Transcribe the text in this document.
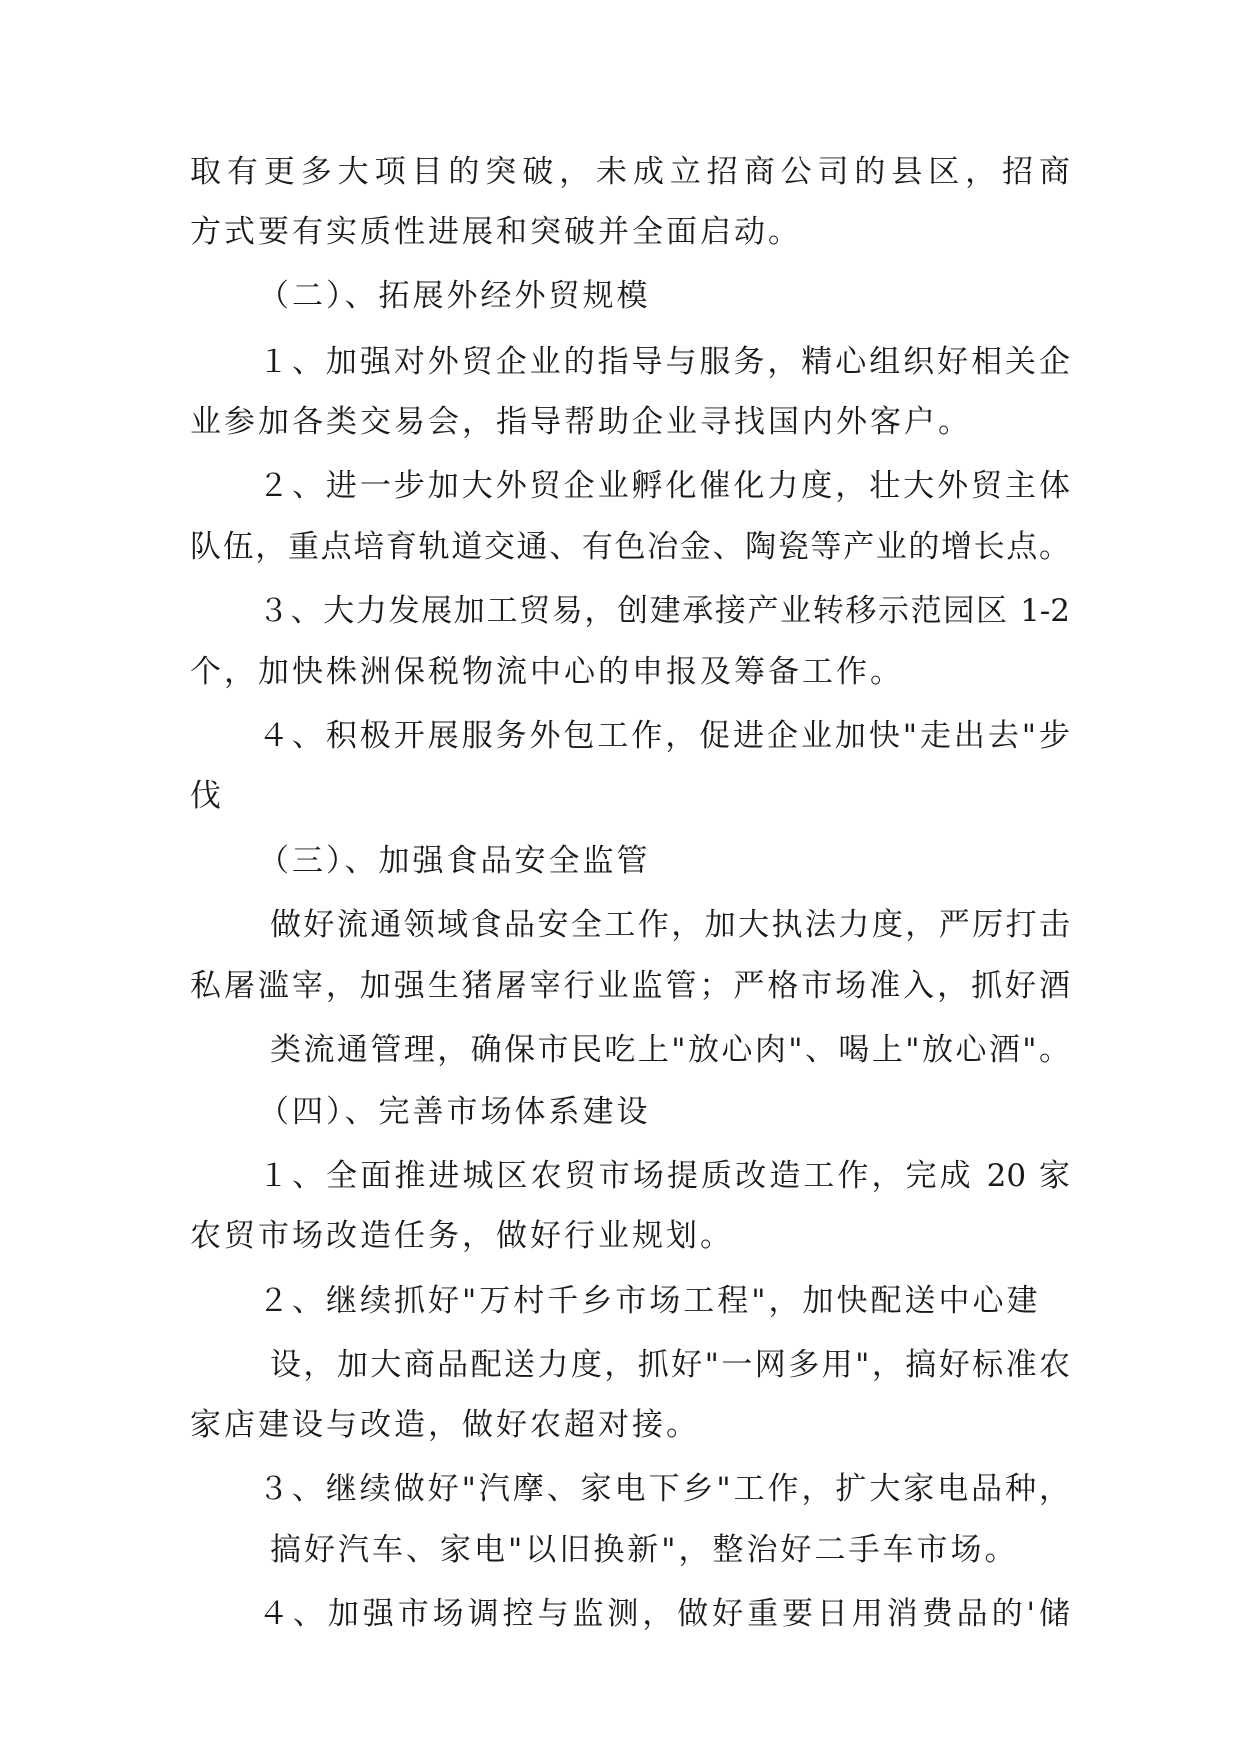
取有更多大项目的突破，未成立招商公司的县区，招商
方式要有实质性进展和突破并全面启动。
（二）、拓展外经外贸规模
１、加强对外贸企业的指导与服务，精心组织好相关企
业参加各类交易会，指导帮助企业寻找国内外客户。
２、进一步加大外贸企业孵化催化力度，壮大外贸主体
队伍，重点培育轨道交通、有色冶金、陶瓷等产业的增长点。
３、大力发展加工贸易，创建承接产业转移示范园区 1-2
个，加快株洲保税物流中心的申报及筹备工作。
４、积极开展服务外包工作，促进企业加快"走出去"步
伐
（三）、加强食品安全监管
做好流通领域食品安全工作，加大执法力度，严厉打击
私屠滥宰，加强生猪屠宰行业监管；严格市场准入，抓好酒
类流通管理，确保市民吃上"放心肉"、喝上"放心酒"。
（四）、完善市场体系建设
１、全面推进城区农贸市场提质改造工作，完成 20 家
农贸市场改造任务，做好行业规划。
２、继续抓好"万村千乡市场工程"，加快配送中心建
设，加大商品配送力度，抓好"一网多用"，搞好标准农
家店建设与改造，做好农超对接。
３、继续做好"汽摩、家电下乡"工作，扩大家电品种，
搞好汽车、家电"以旧换新"，整治好二手车市场。
４、加强市场调控与监测，做好重要日用消费品的'储
